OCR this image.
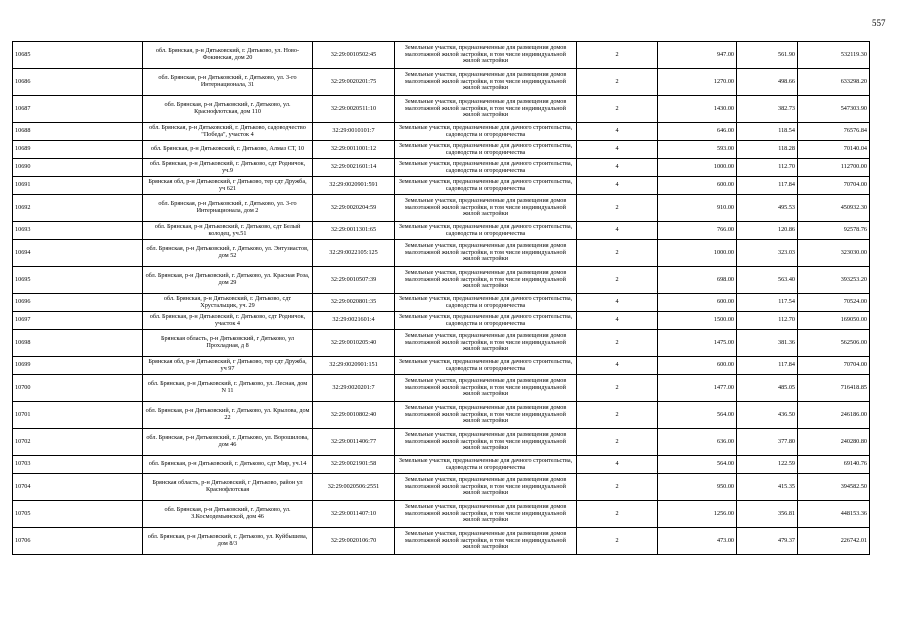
557
10685	обл. Брянская, р-н Дятьковский, г. Дятьково, ул. Ново-Фокинская, дом 20	32:29:0010502:45	Земельные участки, предназначенные для размещения домов малоэтажной жилой застройки, в том числе индивидуальной жилой застройки	2	947.00	561.90	532119.30
10686	обл. Брянская, р-н Дятьковский, г. Дятьково, ул. 3-го Интернационала, 31	32:29:0020201:75	Земельные участки, предназначенные для размещения домов малоэтажной жилой застройки, в том числе индивидуальной жилой застройки	2	1270.00	498.66	633298.20
10687	обл. Брянская, р-н Дятьковский, г. Дятьково, ул. Краснофлотская, дом 110	32:29:0020511:10	Земельные участки, предназначенные для размещения домов малоэтажной жилой застройки, в том числе индивидуальной жилой застройки	2	1430.00	382.73	547303.90
10688	обл. Брянская, р-н Дятьковский, г. Дятьково, садоводчество "Победа", участок 4	32:29:0010101:7	Земельные участки, предназначенные для дачного строительства, садоводства и огородничества	4	646.00	118.54	76576.84
10689	обл. Брянская, р-н Дятьковский, г. Дятьково, Алмаз СТ, 10	32:29:0011001:12	Земельные участки, предназначенные для дачного строительства, садоводства и огородничества	4	593.00	118.28	70140.04
10690	обл. Брянская, р-н Дятьковский, г. Дятьково, сдт Родничок, уч.9	32:29:0021601:14	Земельные участки, предназначенные для дачного строительства, садоводства и огородничества	4	1000.00	112.70	112700.00
10691	Брянская обл, р-н Дятьковский, г Дятьково, тер сдт Дружба, уч 621	32:29:0020901:591	Земельные участки, предназначенные для дачного строительства, садоводства и огородничества	4	600.00	117.84	70704.00
10692	обл. Брянская, р-н Дятьковский, г. Дятьково, ул. 3-го Интернационала, дом 2	32:29:0020204:59	Земельные участки, предназначенные для размещения домов малоэтажной жилой застройки, в том числе индивидуальной жилой застройки	2	910.00	495.53	450932.30
10693	обл. Брянская, р-н Дятьковский, г. Дятьково, сдт Белый колодец, уч.51	32:29:0011301:65	Земельные участки, предназначенные для дачного строительства, садоводства и огородничества	4	766.00	120.86	92578.76
10694	обл. Брянская, р-н Дятьковский, г. Дятьково, ул. Энтузиастов, дом 52	32:29:0022105:125	Земельные участки, предназначенные для размещения домов малоэтажной жилой застройки, в том числе индивидуальной жилой застройки	2	1000.00	323.03	323030.00
10695	обл. Брянская, р-н Дятьковский, г. Дятьково, ул. Красная Роза, дом 29	32:29:0010507:39	Земельные участки, предназначенные для размещения домов малоэтажной жилой застройки, в том числе индивидуальной жилой застройки	2	698.00	563.40	393253.20
10696	обл. Брянская, р-н Дятьковский, г. Дятьково, сдт Хрустальщик, уч. 29	32:29:0020801:35	Земельные участки, предназначенные для дачного строительства, садоводства и огородничества	4	600.00	117.54	70524.00
10697	обл. Брянская, р-н Дятьковский, г. Дятьково, сдт Родничок, участок 4	32:29:0021601:4	Земельные участки, предназначенные для дачного строительства, садоводства и огородничества	4	1500.00	112.70	169050.00
10698	Брянская область, р-н Дятьковский, г Дятьково, ул Прохладная, д 8	32:29:0010205:40	Земельные участки, предназначенные для размещения домов малоэтажной жилой застройки, в том числе индивидуальной жилой застройки	2	1475.00	381.36	562506.00
10699	Брянская обл, р-н Дятьковский, г Дятьково, тер сдт Дружба, уч 97	32:29:0020901:151	Земельные участки, предназначенные для дачного строительства, садоводства и огородничества	4	600.00	117.84	70704.00
10700	обл. Брянская, р-н Дятьковский, г. Дятьково, ул. Лесная, дом N 11	32:29:0020201:7	Земельные участки, предназначенные для размещения домов малоэтажной жилой застройки, в том числе индивидуальной жилой застройки	2	1477.00	485.05	716418.85
10701	обл. Брянская, р-н Дятьковский, г. Дятьково, ул. Крылова, дом 22	32:29:0010802:40	Земельные участки, предназначенные для размещения домов малоэтажной жилой застройки, в том числе индивидуальной жилой застройки	2	564.00	436.50	246186.00
10702	обл. Брянская, р-н Дятьковский, г. Дятьково, ул. Ворошилова, дом 46	32:29:0011406:77	Земельные участки, предназначенные для размещения домов малоэтажной жилой застройки, в том числе индивидуальной жилой застройки	2	636.00	377.80	240280.80
10703	обл. Брянская, р-н Дятьковский, г. Дятьково, сдт Мир, уч.14	32:29:0021901:58	Земельные участки, предназначенные для дачного строительства, садоводства и огородничества	4	564.00	122.59	69140.76
10704	Брянская область, р-н Дятьковский, г Дятьково, район ул Краснофлотская	32:29:0020506:2551	Земельные участки, предназначенные для размещения домов малоэтажной жилой застройки, в том числе индивидуальной жилой застройки	2	950.00	415.35	394582.50
10705	обл. Брянская, р-н Дятьковский, г. Дятьково, ул. З.Космодемьянской, дом 46	32:29:0011407:10	Земельные участки, предназначенные для размещения домов малоэтажной жилой застройки, в том числе индивидуальной жилой застройки	2	1256.00	356.81	448153.36
10706	обл. Брянская, р-н Дятьковский, г. Дятьково, ул. Куйбышева, дом 8/3	32:29:0020106:70	Земельные участки, предназначенные для размещения домов малоэтажной жилой застройки, в том числе индивидуальной жилой застройки	2	473.00	479.37	226742.01
